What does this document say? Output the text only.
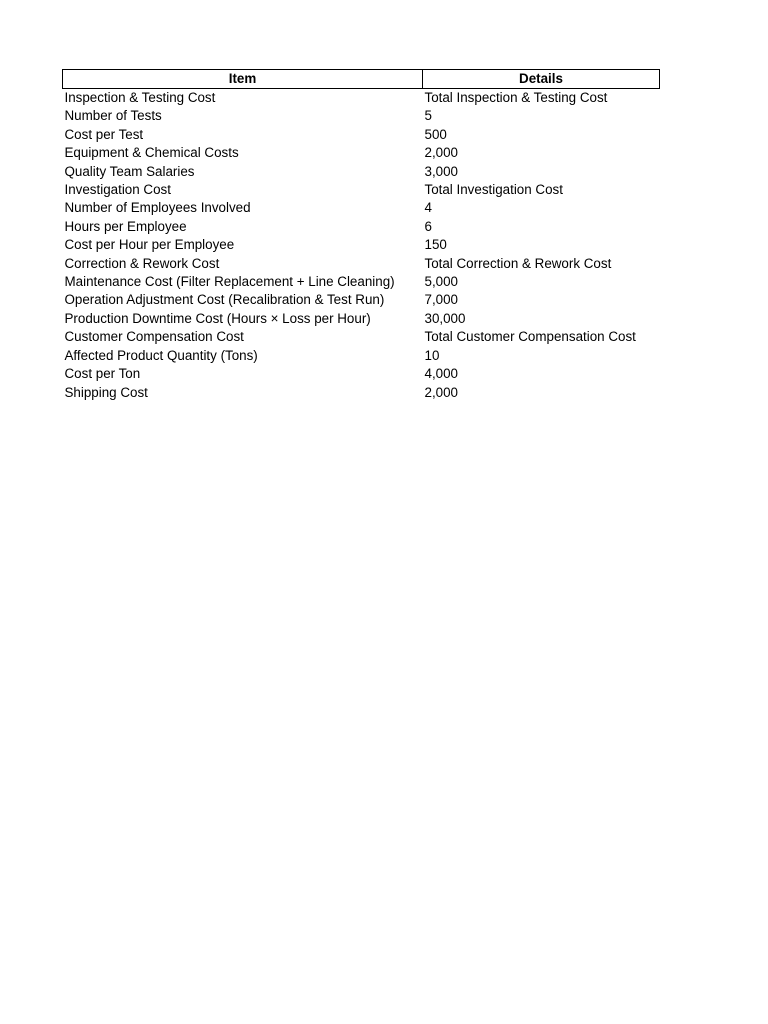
Item	Details
Inspection & Testing Cost	Total Inspection & Testing Cost
Number of Tests	5
Cost per Test	500
Equipment & Chemical Costs	2,000
Quality Team Salaries	3,000
Investigation Cost	Total Investigation Cost
Number of Employees Involved	4
Hours per Employee	6
Cost per Hour per Employee	150
Correction & Rework Cost	Total Correction & Rework Cost
Maintenance Cost (Filter Replacement + Line Cleaning)	5,000
Operation Adjustment Cost (Recalibration & Test Run)	7,000
Production Downtime Cost (Hours × Loss per Hour)	30,000
Customer Compensation Cost	Total Customer Compensation Cost
Affected Product Quantity (Tons)	10
Cost per Ton	4,000
Shipping Cost	2,000
